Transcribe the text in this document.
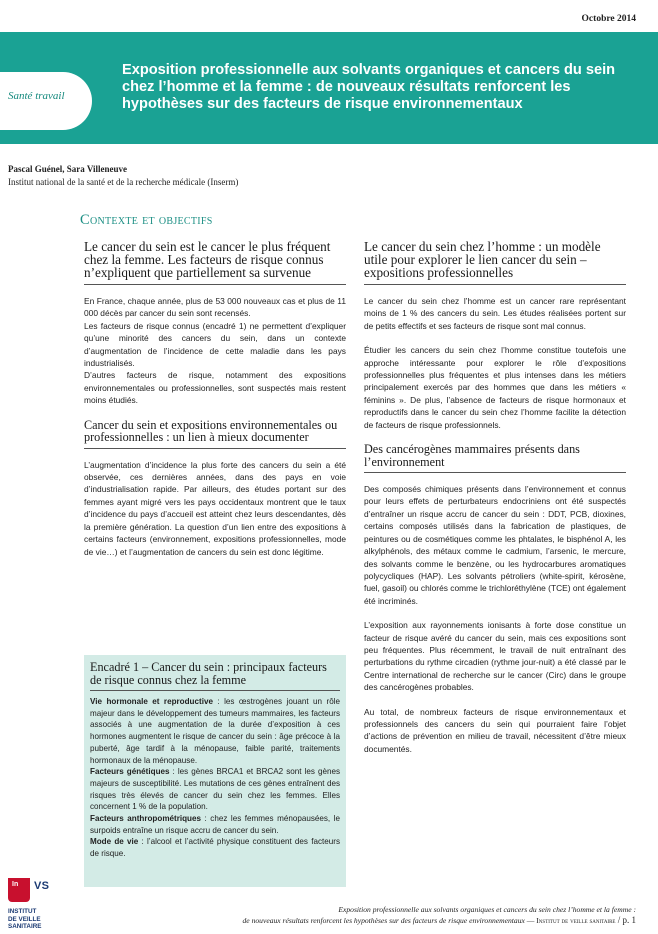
Octobre 2014
Santé travail
Exposition professionnelle aux solvants organiques et cancers du sein chez l’homme et la femme : de nouveaux résultats renforcent les hypothèses sur des facteurs de risque environnementaux
Pascal Guénel, Sara Villeneuve
Institut national de la santé et de la recherche médicale (Inserm)
Contexte et objectifs
Le cancer du sein est le cancer le plus fréquent chez la femme. Les facteurs de risque connus n’expliquent que partiellement sa survenue

En France, chaque année, plus de 53 000 nouveaux cas et plus de 11 000 décès par cancer du sein sont recensés.

Les facteurs de risque connus (encadré 1) ne permettent d’expliquer qu’une minorité des cancers du sein, dans un contexte d’augmentation de l’incidence de cette maladie dans les pays industrialisés.

D’autres facteurs de risque, notamment des expositions environnementales ou professionnelles, sont suspectés mais restent moins étudiés.

Cancer du sein et expositions environnementales ou professionnelles : un lien à mieux documenter

L’augmentation d’incidence la plus forte des cancers du sein a été observée, ces dernières années, dans des pays en voie d’industrialisation rapide. Par ailleurs, des études portant sur des femmes ayant migré vers les pays occidentaux montrent que le taux d’incidence du pays d’accueil est atteint chez leurs descendantes, dès la première génération. La question d’un lien entre des expositions à certains facteurs (environnement, expositions professionnelles, mode de vie…) et l’augmentation de cancers du sein est donc légitime.

Encadré 1 – Cancer du sein : principaux facteurs de risque connus chez la femme

Vie hormonale et reproductive : les œstrogènes jouant un rôle majeur dans le développement des tumeurs mammaires, les facteurs associés à une augmentation de la durée d’exposition à ces hormones augmentent le risque de cancer du sein : âge précoce à la puberté, âge tardif à la ménopause, faible parité, traitements hormonaux de la ménopause.

Facteurs génétiques : les gènes BRCA1 et BRCA2 sont les gènes majeurs de susceptibilité. Les mutations de ces gènes entraînent des risques très élevés de cancer du sein chez les femmes. Elles concernent 1 % de la population.

Facteurs anthropométriques : chez les femmes ménopausées, le surpoids entraîne un risque accru de cancer du sein.

Mode de vie : l’alcool et l’activité physique constituent des facteurs de risque.

Le cancer du sein chez l’homme : un modèle utile pour explorer le lien cancer du sein – expositions professionnelles

Le cancer du sein chez l’homme est un cancer rare représentant moins de 1 % des cancers du sein. Les études réalisées portent sur de petits effectifs et ses facteurs de risque sont mal connus.

Étudier les cancers du sein chez l’homme constitue toutefois une approche intéressante pour explorer le rôle d’expositions professionnelles plus fréquentes et plus intenses dans les métiers principalement exercés par des hommes que dans les métiers « féminins ». De plus, l’absence de facteurs de risque hormonaux et reproductifs dans le cancer du sein chez l’homme facilite la détection de facteurs de risque professionnels.

Des cancérogènes mammaires présents dans l’environnement

Des composés chimiques présents dans l’environnement et connus pour leurs effets de perturbateurs endocriniens ont été suspectés d’entraîner un risque accru de cancer du sein : DDT, PCB, dioxines, certains composés utilisés dans la fabrication de plastiques, de peintures ou de cosmétiques comme les phtalates, le bisphénol A, les alkylphénols, des métaux comme le cadmium, l’arsenic, le mercure, des solvants comme le benzène, ou les hydrocarbures aromatiques polycycliques (HAP). Les solvants pétroliers (white-spirit, kérosène, fuel, gasoil) ou chlorés comme le trichloréthylène (TCE) ont également été incriminés.

L’exposition aux rayonnements ionisants à forte dose constitue un facteur de risque avéré du cancer du sein, mais ces expositions sont peu fréquentes. Plus récemment, le travail de nuit entraînant des perturbations du rythme circadien (rythme jour-nuit) a été classé par le Centre international de recherche sur le cancer (Circ) dans le groupe des cancérogènes probables.

Au total, de nombreux facteurs de risque environnementaux et professionnels des cancers du sein qui pourraient faire l’objet d’actions de prévention en milieu de travail, nécessitent d’être mieux documentés.

In VS
INSTITUT
DE VEILLE SANITAIRE
Exposition professionnelle aux solvants organiques et cancers du sein chez l’homme et la femme :
de nouveaux résultats renforcent les hypothèses sur des facteurs de risque environnementaux — Institut de veille sanitaire / p. 1
